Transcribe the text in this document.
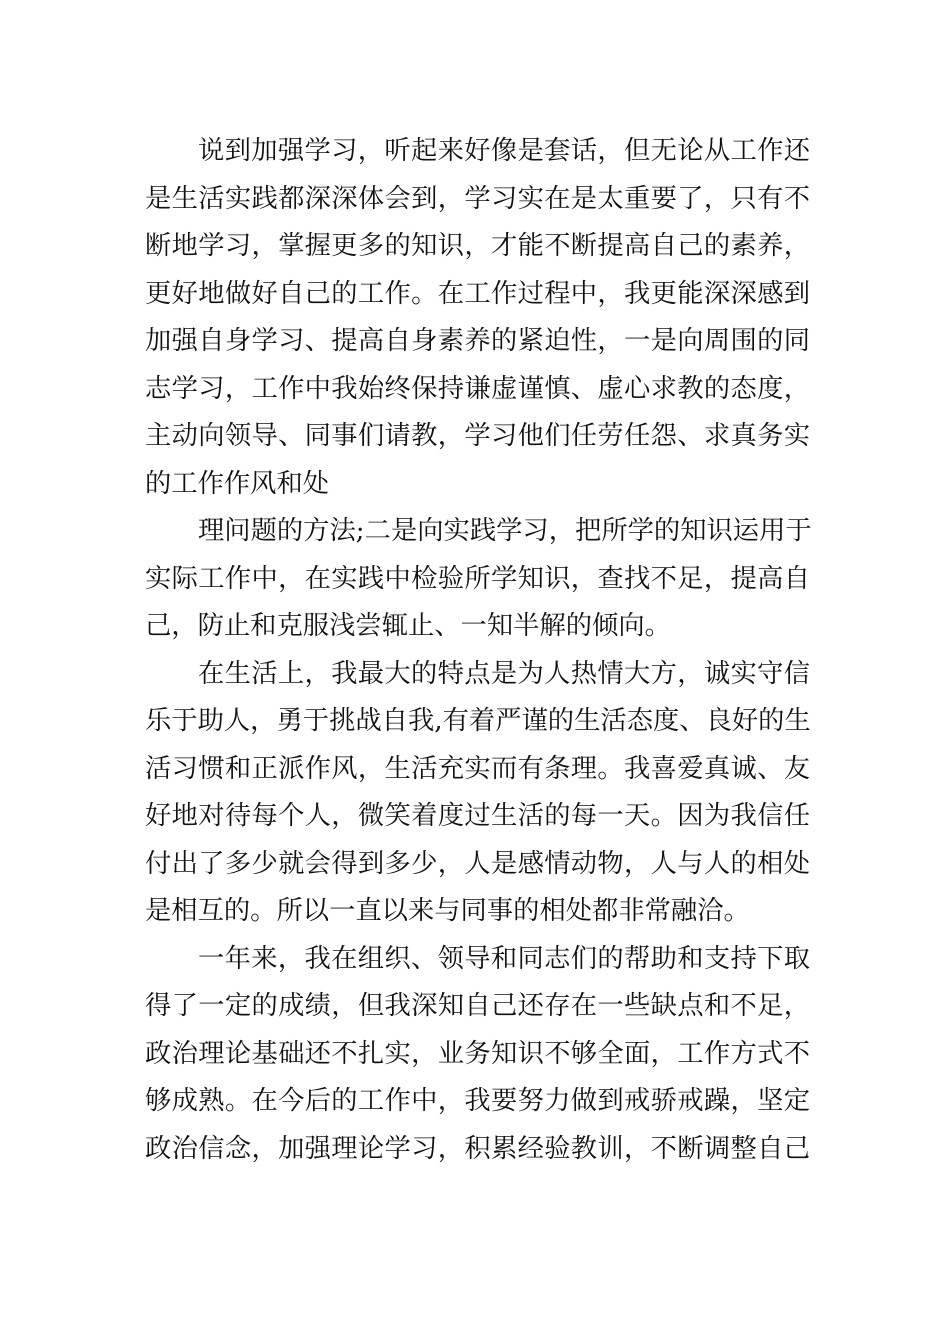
说到加强学习，听起来好像是套话，但无论从工作还
是生活实践都深深体会到，学习实在是太重要了，只有不
断地学习，掌握更多的知识，才能不断提高自己的素养，
更好地做好自己的工作。在工作过程中，我更能深深感到
加强自身学习、提高自身素养的紧迫性，一是向周围的同
志学习，工作中我始终保持谦虚谨慎、虚心求教的态度，
主动向领导、同事们请教，学习他们任劳任怨、求真务实
的工作作风和处
理问题的方法;二是向实践学习，把所学的知识运用于
实际工作中，在实践中检验所学知识，查找不足，提高自
己，防止和克服浅尝辄止、一知半解的倾向。
在生活上，我最大的特点是为人热情大方，诚实守信
乐于助人，勇于挑战自我,有着严谨的生活态度、良好的生
活习惯和正派作风，生活充实而有条理。我喜爱真诚、友
好地对待每个人，微笑着度过生活的每一天。因为我信任
付出了多少就会得到多少，人是感情动物，人与人的相处
是相互的。所以一直以来与同事的相处都非常融洽。
一年来，我在组织、领导和同志们的帮助和支持下取
得了一定的成绩，但我深知自己还存在一些缺点和不足，
政治理论基础还不扎实，业务知识不够全面，工作方式不
够成熟。在今后的工作中，我要努力做到戒骄戒躁，坚定
政治信念，加强理论学习，积累经验教训，不断调整自己
